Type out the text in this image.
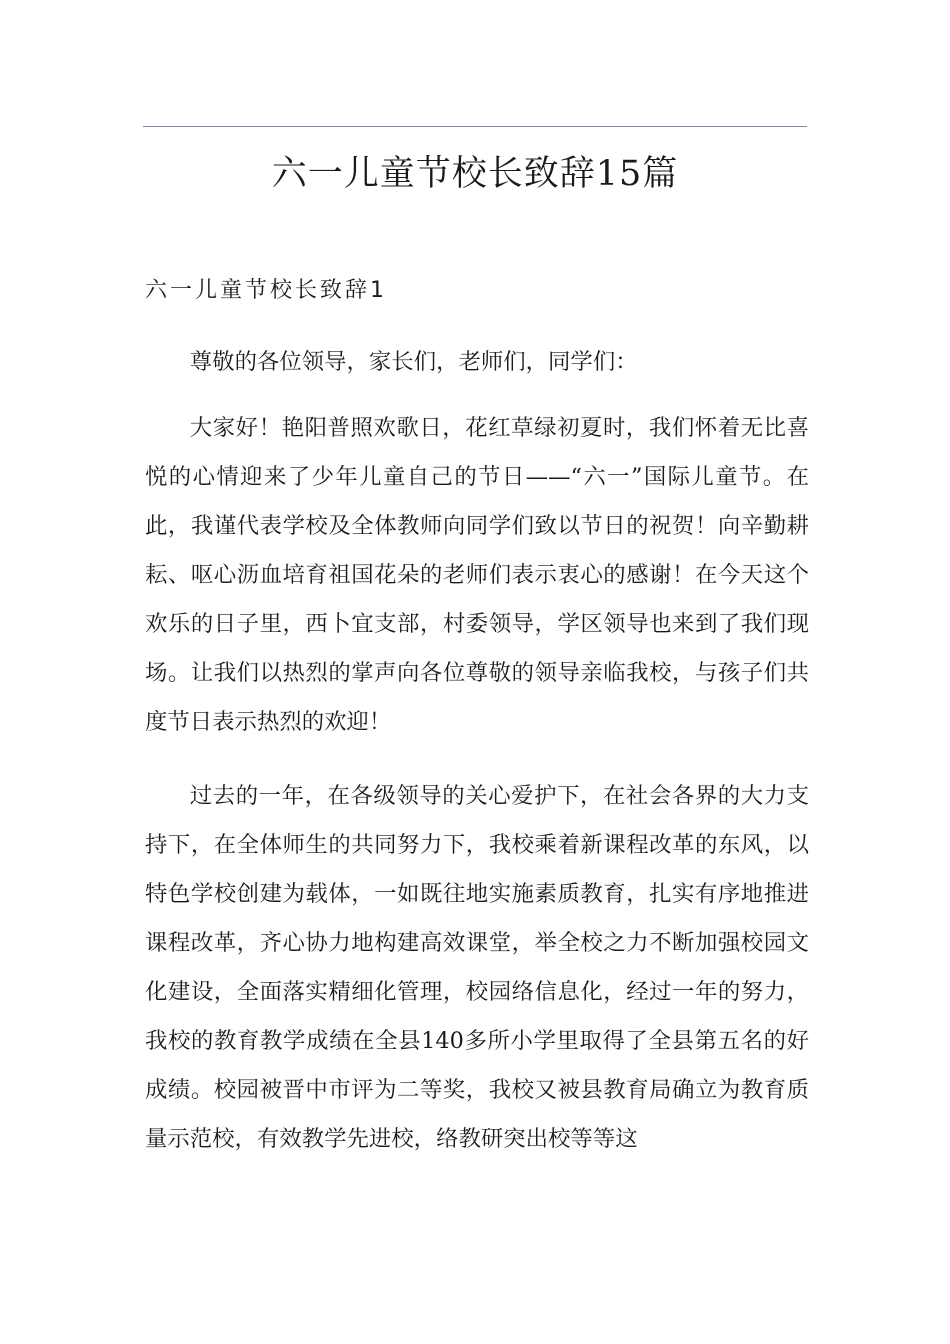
六一儿童节校长致辞15篇
六一儿童节校长致辞1

尊敬的各位领导，家长们，老师们，同学们：

大家好！艳阳普照欢歌日，花红草绿初夏时，我们怀着无比喜悦的心情迎来了少年儿童自己的节日——“六一”国际儿童节。在此，我谨代表学校及全体教师向同学们致以节日的祝贺！向辛勤耕耘、呕心沥血培育祖国花朵的老师们表示衷心的感谢！在今天这个欢乐的日子里，西卜宜支部，村委领导，学区领导也来到了我们现场。让我们以热烈的掌声向各位尊敬的领导亲临我校，与孩子们共度节日表示热烈的欢迎！

过去的一年，在各级领导的关心爱护下，在社会各界的大力支持下，在全体师生的共同努力下，我校乘着新课程改革的东风，以特色学校创建为载体，一如既往地实施素质教育，扎实有序地推进课程改革，齐心协力地构建高效课堂，举全校之力不断加强校园文化建设，全面落实精细化管理，校园络信息化，经过一年的努力，我校的教育教学成绩在全县140多所小学里取得了全县第五名的好成绩。校园被晋中市评为二等奖，我校又被县教育局确立为教育质量示范校，有效教学先进校，络教研突出校等等这
